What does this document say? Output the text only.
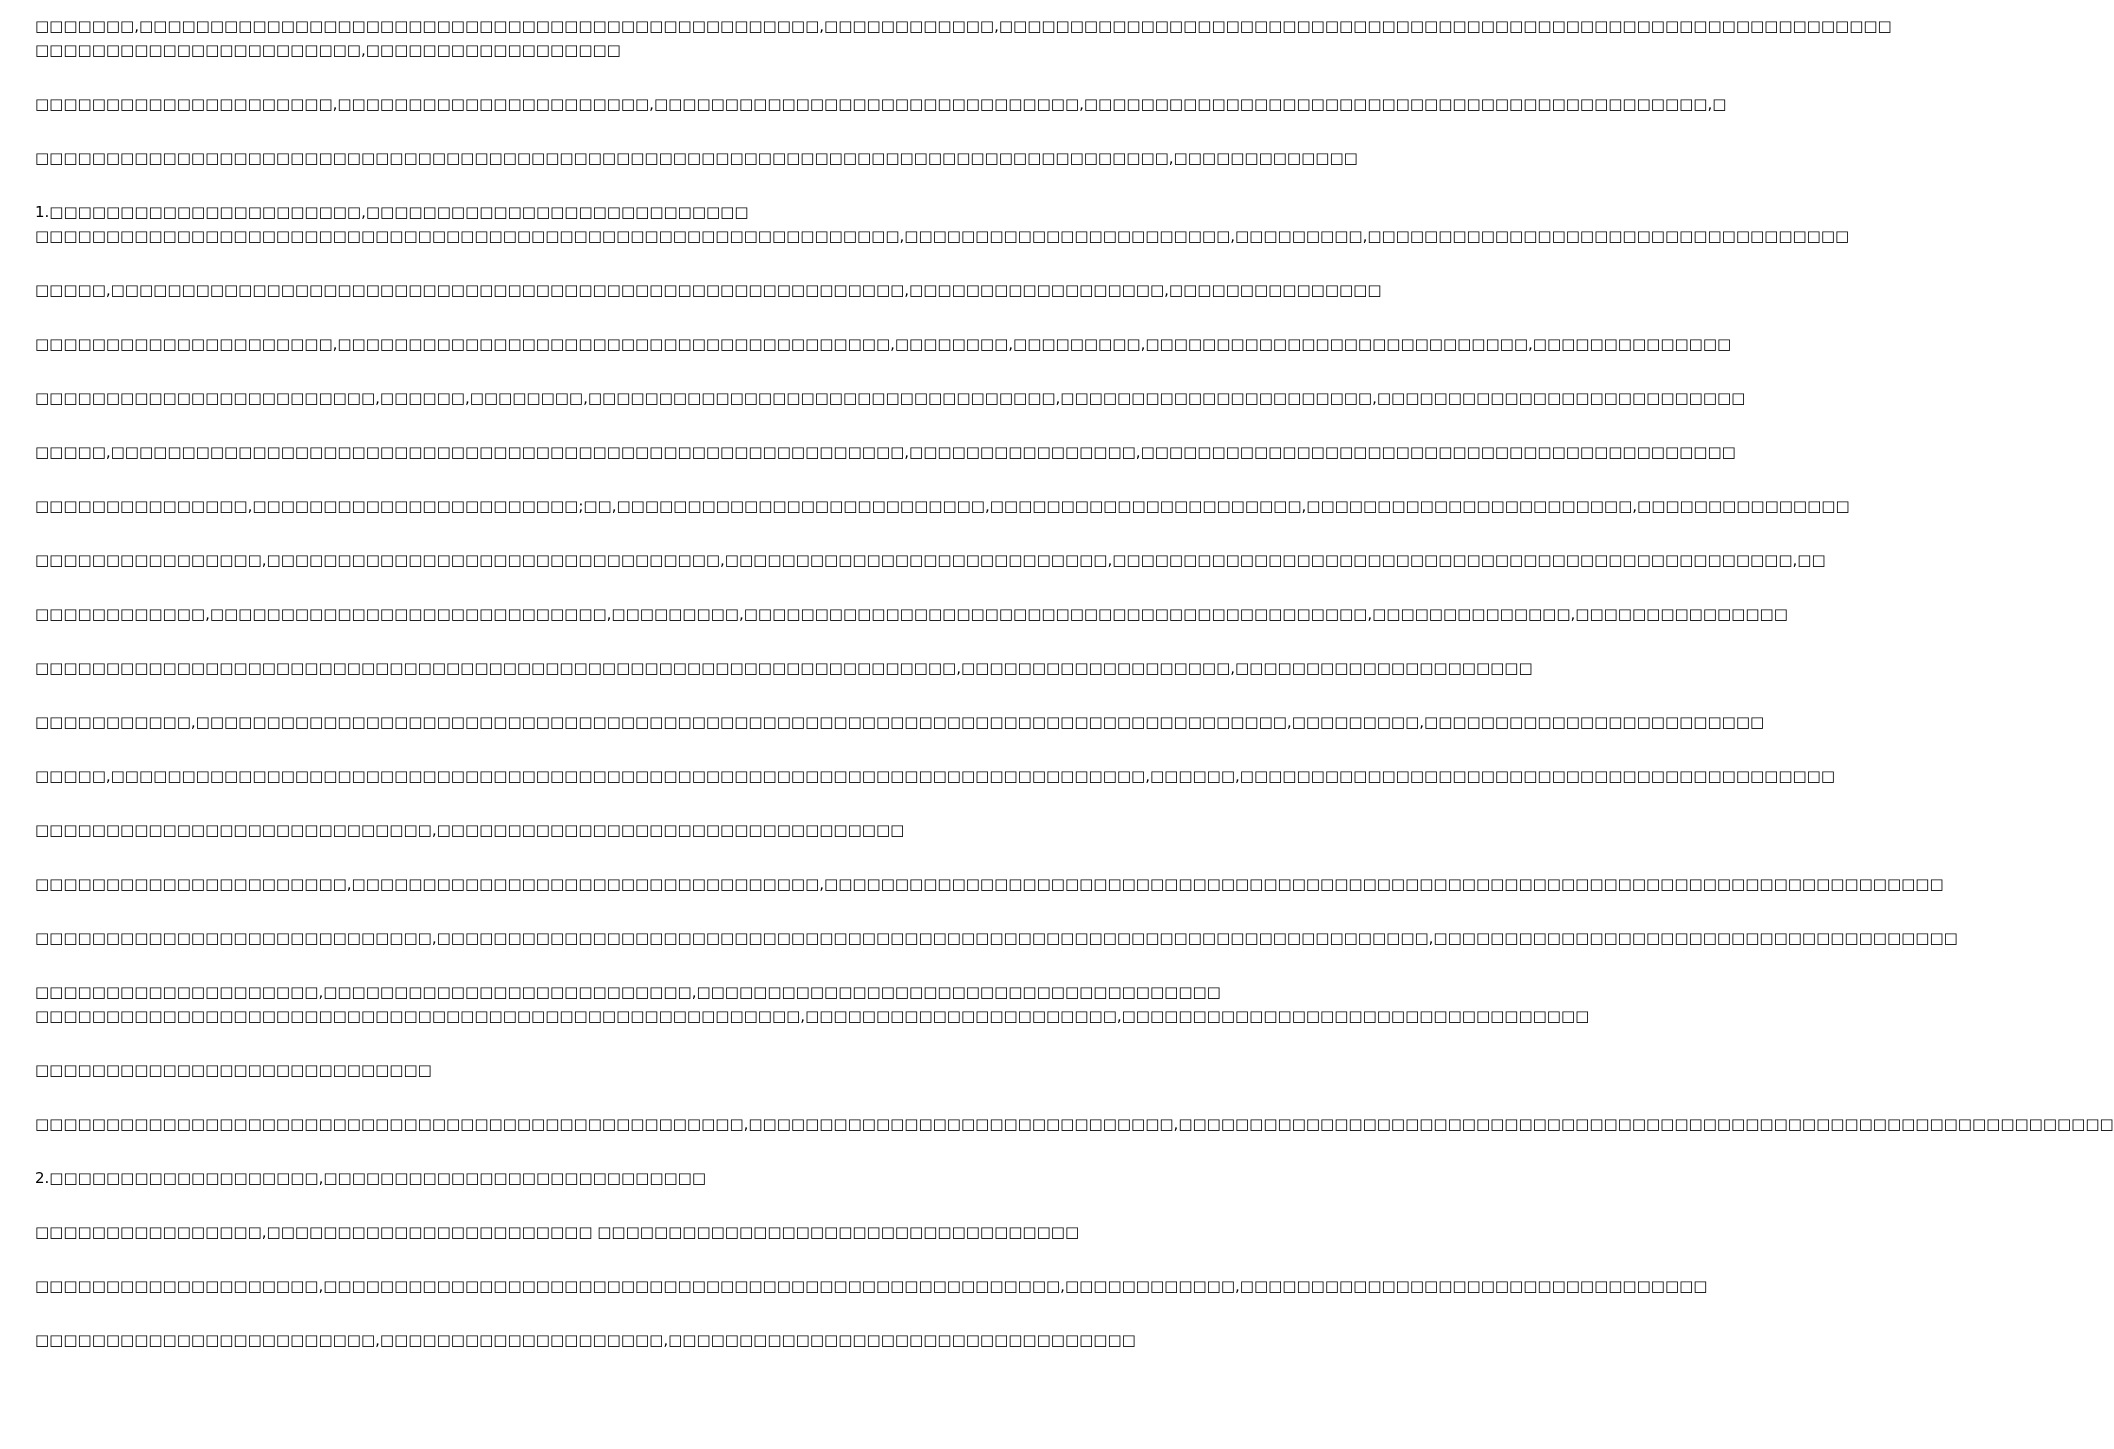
□□□□□□□,□□□□□□□□□□□□□□□□□□□□□□□□□□□□□□□□□□□□□□□□□□□□□□□□,□□□□□□□□□□□□,□□□□□□□□□□□□□□□□□□□□□□□□□□□□□□□□□□□□□□□□□□□□□□□□□□□□□□□□□□□□□□□

□□□□□□□□□□□□□□□□□□□□□□□,□□□□□□□□□□□□□□□□□□

□□□□□□□□□□□□□□□□□□□□□,□□□□□□□□□□□□□□□□□□□□□□,□□□□□□□□□□□□□□□□□□□□□□□□□□□□□□,□□□□□□□□□□□□□□□□□□□□□□□□□□□□□□□□□□□□□□□□□□□□,□

□□□□□□□□□□□□□□□□□□□□□□□□□□□□□□□□□□□□□□□□□□□□□□□□□□□□□□□□□□□□□□□□□□□□□□□□□□□□□□□□,□□□□□□□□□□□□□

1.□□□□□□□□□□□□□□□□□□□□□□,□□□□□□□□□□□□□□□□□□□□□□□□□□□

□□□□□□□□□□□□□□□□□□□□□□□□□□□□□□□□□□□□□□□□□□□□□□□□□□□□□□□□□□□□□,□□□□□□□□□□□□□□□□□□□□□□□,□□□□□□□□□,□□□□□□□□□□□□□□□□□□□□□□□□□□□□□□□□□□

□□□□□,□□□□□□□□□□□□□□□□□□□□□□□□□□□□□□□□□□□□□□□□□□□□□□□□□□□□□□□□,□□□□□□□□□□□□□□□□□□,□□□□□□□□□□□□□□□

□□□□□□□□□□□□□□□□□□□□□,□□□□□□□□□□□□□□□□□□□□□□□□□□□□□□□□□□□□□□□,□□□□□□□□,□□□□□□□□□,□□□□□□□□□□□□□□□□□□□□□□□□□□□,□□□□□□□□□□□□□□

□□□□□□□□□□□□□□□□□□□□□□□□,□□□□□□,□□□□□□□□,□□□□□□□□□□□□□□□□□□□□□□□□□□□□□□□□□,□□□□□□□□□□□□□□□□□□□□□□,□□□□□□□□□□□□□□□□□□□□□□□□□□

□□□□□,□□□□□□□□□□□□□□□□□□□□□□□□□□□□□□□□□□□□□□□□□□□□□□□□□□□□□□□□,□□□□□□□□□□□□□□□□,□□□□□□□□□□□□□□□□□□□□□□□□□□□□□□□□□□□□□□□□□□

□□□□□□□□□□□□□□□,□□□□□□□□□□□□□□□□□□□□□□□;□□,□□□□□□□□□□□□□□□□□□□□□□□□□□,□□□□□□□□□□□□□□□□□□□□□□,□□□□□□□□□□□□□□□□□□□□□□□,□□□□□□□□□□□□□□□

□□□□□□□□□□□□□□□□,□□□□□□□□□□□□□□□□□□□□□□□□□□□□□□□□,□□□□□□□□□□□□□□□□□□□□□□□□□□□,□□□□□□□□□□□□□□□□□□□□□□□□□□□□□□□□□□□□□□□□□□□□□□□□,□□

□□□□□□□□□□□□,□□□□□□□□□□□□□□□□□□□□□□□□□□□□,□□□□□□□□□,□□□□□□□□□□□□□□□□□□□□□□□□□□□□□□□□□□□□□□□□□□□□,□□□□□□□□□□□□□□,□□□□□□□□□□□□□□□

□□□□□□□□□□□□□□□□□□□□□□□□□□□□□□□□□□□□□□□□□□□□□□□□□□□□□□□□□□□□□□□□□,□□□□□□□□□□□□□□□□□□□,□□□□□□□□□□□□□□□□□□□□□

□□□□□□□□□□□,□□□□□□□□□□□□□□□□□□□□□□□□□□□□□□□□□□□□□□□□□□□□□□□□□□□□□□□□□□□□□□□□□□□□□□□□□□□□□,□□□□□□□□□,□□□□□□□□□□□□□□□□□□□□□□□□

□□□□□,□□□□□□□□□□□□□□□□□□□□□□□□□□□□□□□□□□□□□□□□□□□□□□□□□□□□□□□□□□□□□□□□□□□□□□□□□,□□□□□□,□□□□□□□□□□□□□□□□□□□□□□□□□□□□□□□□□□□□□□□□□□

□□□□□□□□□□□□□□□□□□□□□□□□□□□□,□□□□□□□□□□□□□□□□□□□□□□□□□□□□□□□□□

□□□□□□□□□□□□□□□□□□□□□□,□□□□□□□□□□□□□□□□□□□□□□□□□□□□□□□□□,□□□□□□□□□□□□□□□□□□□□□□□□□□□□□□□□□□□□□□□□□□□□□□□□□□□□□□□□□□□□□□□□□□□□□□□□□□□□□□□

□□□□□□□□□□□□□□□□□□□□□□□□□□□□,□□□□□□□□□□□□□□□□□□□□□□□□□□□□□□□□□□□□□□□□□□□□□□□□□□□□□□□□□□□□□□□□□□□□□□,□□□□□□□□□□□□□□□□□□□□□□□□□□□□□□□□□□□□□

□□□□□□□□□□□□□□□□□□□□,□□□□□□□□□□□□□□□□□□□□□□□□□□,□□□□□□□□□□□□□□□□□□□□□□□□□□□□□□□□□□□□□

□□□□□□□□□□□□□□□□□□□□□□□□□□□□□□□□□□□□□□□□□□□□□□□□□□□□□□,□□□□□□□□□□□□□□□□□□□□□□,□□□□□□□□□□□□□□□□□□□□□□□□□□□□□□□□□

□□□□□□□□□□□□□□□□□□□□□□□□□□□□

□□□□□□□□□□□□□□□□□□□□□□□□□□□□□□□□□□□□□□□□□□□□□□□□□□,□□□□□□□□□□□□□□□□□□□□□□□□□□□□□□,□□□□□□□□□□□□□□□□□□□□□□□□□□□□□□□□□□□□□□□□□□□□□□□□□□□□□□□□□□□□□□□□□□

2.□□□□□□□□□□□□□□□□□□□,□□□□□□□□□□□□□□□□□□□□□□□□□□□

□□□□□□□□□□□□□□□□,□□□□□□□□□□□□□□□□□□□□□□□ □□□□□□□□□□□□□□□□□□□□□□□□□□□□□□□□□□

□□□□□□□□□□□□□□□□□□□□,□□□□□□□□□□□□□□□□□□□□□□□□□□□□□□□□□□□□□□□□□□□□□□□□□□□□,□□□□□□□□□□□□,□□□□□□□□□□□□□□□□□□□□□□□□□□□□□□□□□

□□□□□□□□□□□□□□□□□□□□□□□□,□□□□□□□□□□□□□□□□□□□□,□□□□□□□□□□□□□□□□□□□□□□□□□□□□□□□□□
